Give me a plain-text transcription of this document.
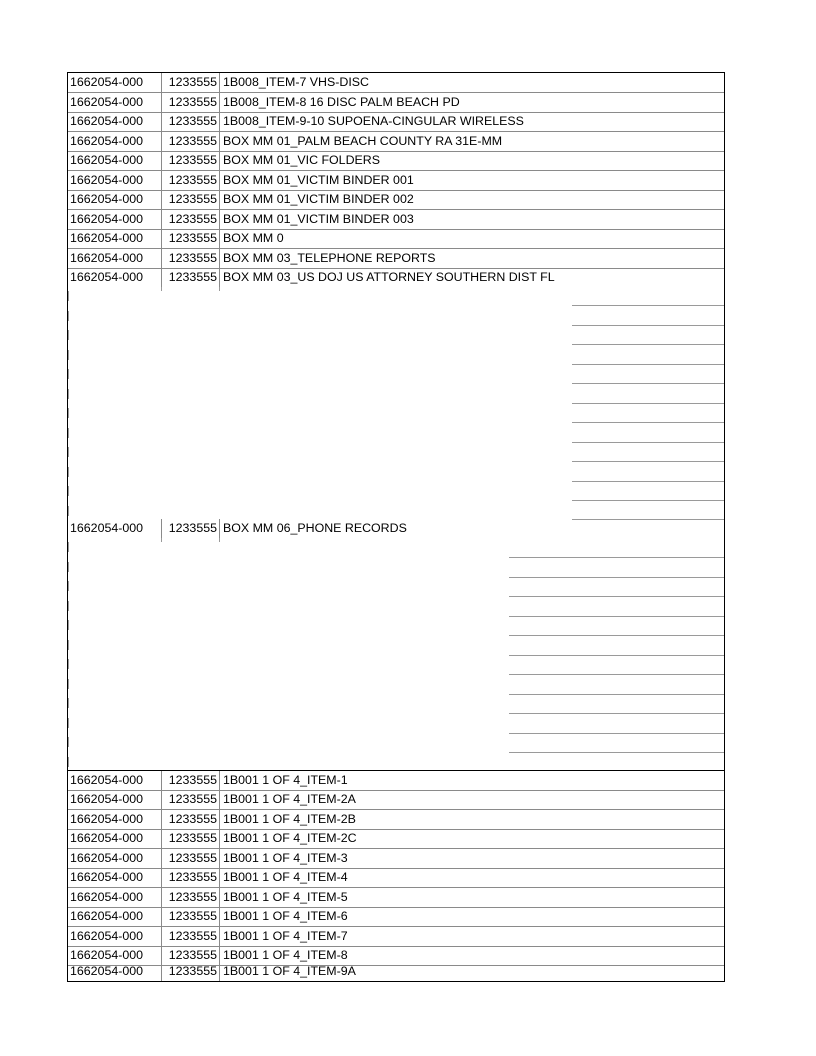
1662054-000	1233555 1B008_ITEM-7 VHS-DISC
1662054-000	1233555 1B008_ITEM-8 16 DISC PALM BEACH PD
1662054-000	1233555 1B008_ITEM-9-10 SUPOENA-CINGULAR WIRELESS
1662054-000	1233555 BOX MM 01_PALM BEACH COUNTY RA 31E-MM
1662054-000	1233555 BOX MM 01_VIC FOLDERS
1662054-000	1233555 BOX MM 01_VICTIM BINDER 001
1662054-000	1233555 BOX MM 01_VICTIM BINDER 002
1662054-000	1233555 BOX MM 01_VICTIM BINDER 003
1662054-000	1233555 BOX MM 0
1662054-000	1233555 BOX MM 03_TELEPHONE REPORTS
1662054-000	1233555 BOX MM 03_US DOJ US ATTORNEY SOUTHERN DIST FL
1662054-000	1233555 BOX MM 06_PHONE RECORDS
1662054-000	1233555 1B001 1 OF 4_ITEM-1
1662054-000	1233555 1B001 1 OF 4_ITEM-2A
1662054-000	1233555 1B001 1 OF 4_ITEM-2B
1662054-000	1233555 1B001 1 OF 4_ITEM-2C
1662054-000	1233555 1B001 1 OF 4_ITEM-3
1662054-000	1233555 1B001 1 OF 4_ITEM-4
1662054-000	1233555 1B001 1 OF 4_ITEM-5
1662054-000	1233555 1B001 1 OF 4_ITEM-6
1662054-000	1233555 1B001 1 OF 4_ITEM-7
1662054-000	1233555 1B001 1 OF 4_ITEM-8
1662054-000	1233555 1B001 1 OF 4_ITEM-9A
